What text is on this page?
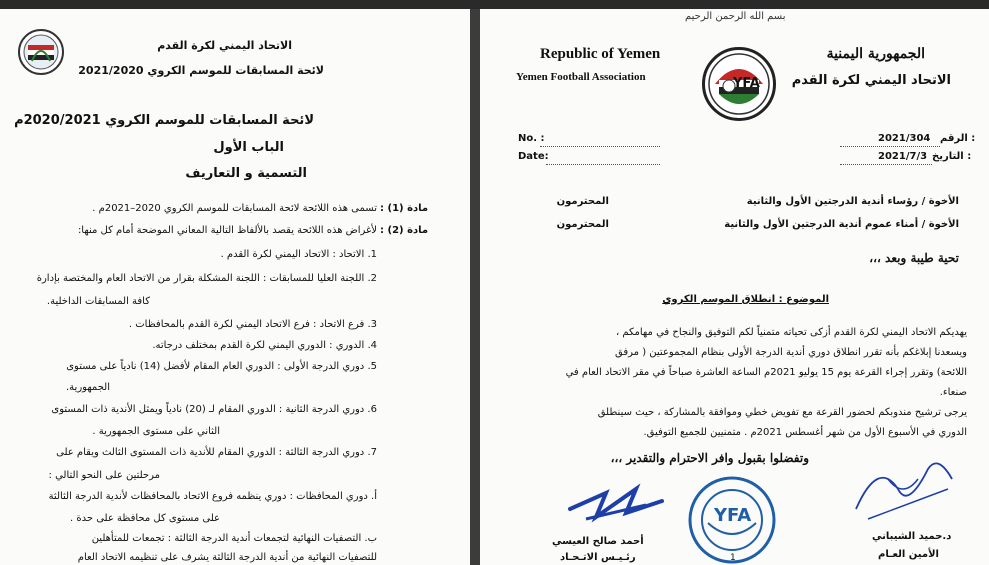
الاتحاد اليمني لكرة القدم
لائحة المسابقات للموسم الكروي 2021/2020
لائحة المسابقات للموسم الكروي 2020/2021م
الباب الأول
التسمية و التعاريف
مادة (1) :
تسمى هذه اللائحة لائحة المسابقات للموسم الكروي 2020–2021م .
مادة (2) :
لأغراض هذه اللائحة يقصد بالألفاظ التالية المعاني الموضحة أمام كل منها:
1. الاتحاد : الاتحاد اليمني لكرة القدم .
2. اللجنة العليا للمسابقات : اللجنة المشكلة بقرار من الاتحاد العام والمختصة بإدارة
كافة المسابقات الداخلية.
3. فرع الاتحاد : فرع الاتحاد اليمني لكرة القدم بالمحافظات .
4. الدوري : الدوري اليمني لكرة القدم بمختلف درجاته.
5. دوري الدرجة الأولى : الدوري العام المقام لأفضل (14) نادياً على مستوى
الجمهورية.
6. دوري الدرجة الثانية : الدوري المقام لـ (20) نادياً ويمثل الأندية ذات المستوى
الثاني على مستوى الجمهورية .
7. دوري الدرجة الثالثة : الدوري المقام للأندية ذات المستوى الثالث ويقام على
مرحلتين على النحو التالي :
أ. دوري المحافظات : دوري ينظمه فروع الاتحاد بالمحافظات لأندية الدرجة الثالثة
على مستوى كل محافظة على حدة .
ب. التصفيات النهائية لتجمعات أندية الدرجة الثالثة : تجمعات للمتأهلين
للتصفيات النهائية من أندية الدرجة الثالثة يشرف على تنظيمه الاتحاد العام
بسم الله الرحمن الرحيم
Republic of Yemen
Yemen Football Association	YFA
الجمهورية اليمنية
الاتحاد اليمني لكرة القدم
No. :
Date:
الرقم :
2021/304
التاريخ :
2021/7/3
الأخوة / رؤساء أندية الدرجتين الأول والثانية
المحترمون
الأخوة / أمناء عموم أندية الدرجتين الأول والثانية
المحترمون
تحية طيبة وبعد ،،،
الموضوع : انطلاق الموسم الكروي
يهديكم الاتحاد اليمني لكرة القدم أزكى تحياته متمنياً لكم التوفيق والنجاح في مهامكم ،
ويسعدنا إبلاغكم بأنه تقرر انطلاق دوري أندية الدرجة الأولى بنظام المجموعتين ( مرفق
اللائحة) وتقرر إجراء القرعة يوم 15 يوليو 2021م الساعة العاشرة صباحاً في مقر الاتحاد العام في
صنعاء.
يرجى ترشيح مندوبكم لحضور القرعة مع تفويض خطي وموافقة بالمشاركة ، حيث سينطلق
الدوري في الأسبوع الأول من شهر أغسطس 2021م . متمنيين للجميع التوفيق.
وتفضلوا بقبول وافر الاحترام والتقدير ،،،
YFA
أحمد صالح العيسي
رئـيـس الاتـحـاد
د.حميد الشيباني
الأمين العـام
1
